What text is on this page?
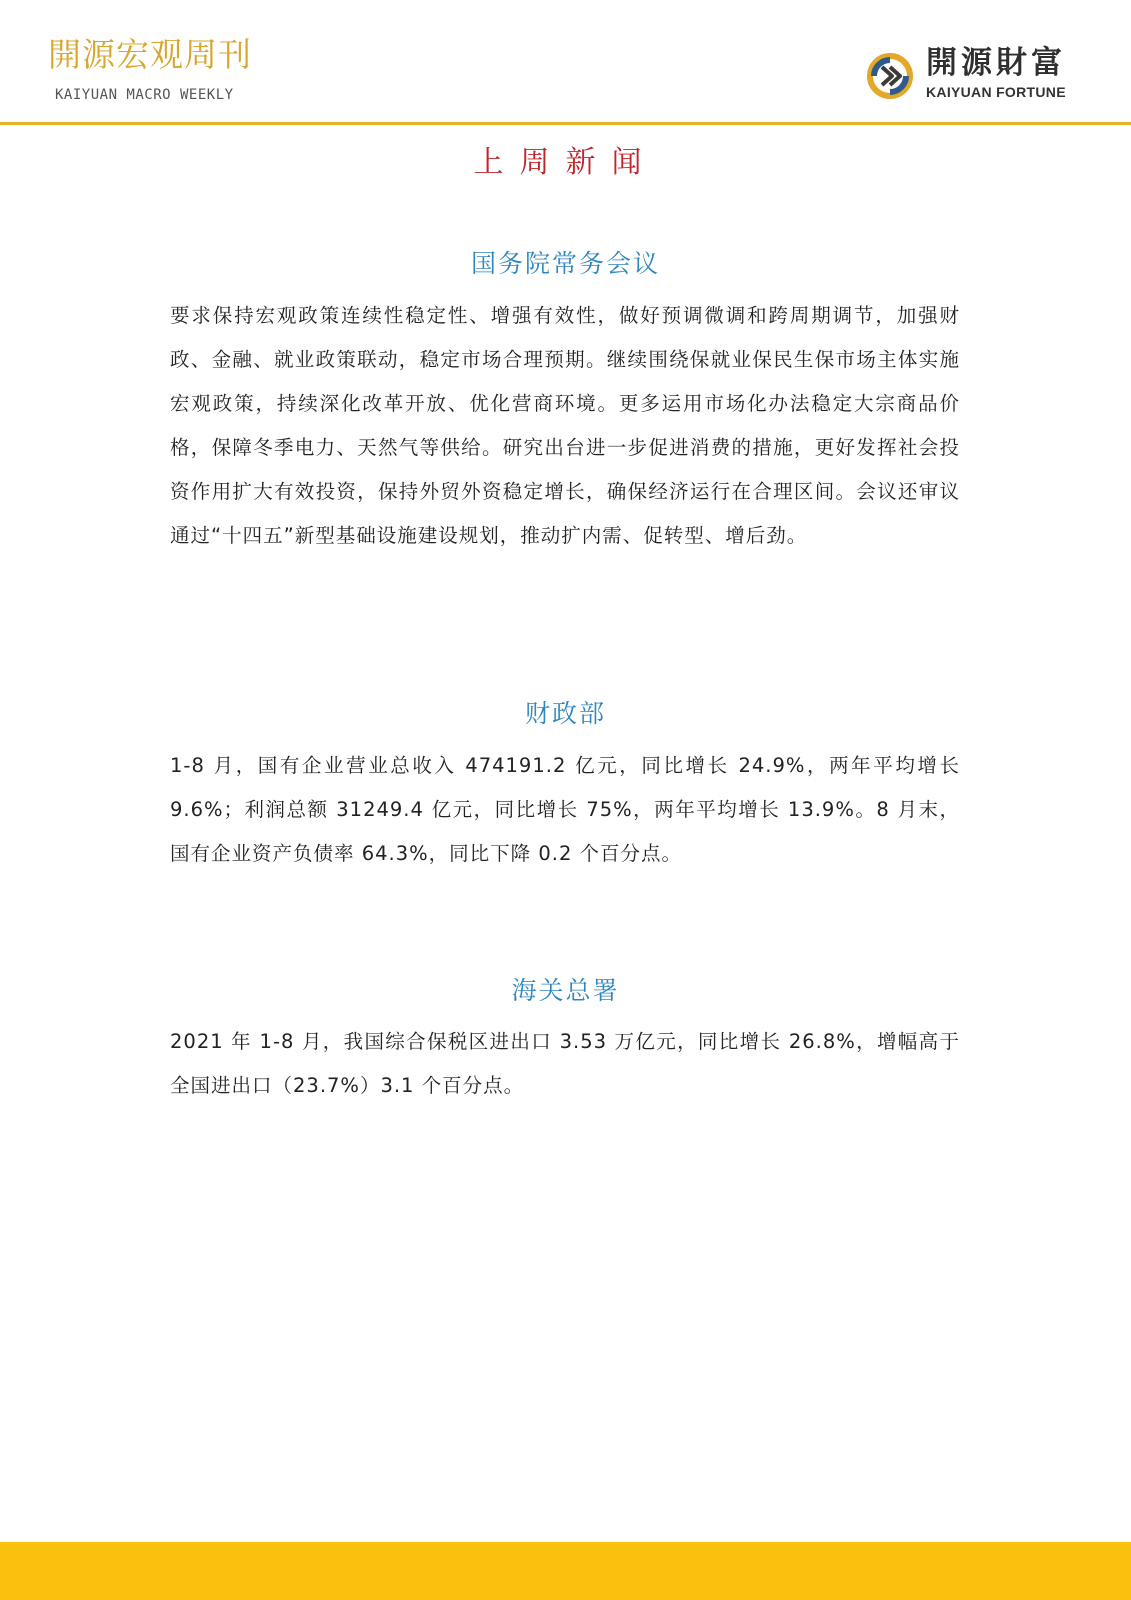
開源宏观周刊
KAIYUAN MACRO WEEKLY
開源財富
KAIYUAN FORTUNE
上周新闻
国务院常务会议

要求保持宏观政策连续性稳定性、增强有效性，做好预调微调和跨周期调节，加强财政、金融、就业政策联动，稳定市场合理预期。继续围绕保就业保民生保市场主体实施宏观政策，持续深化改革开放、优化营商环境。更多运用市场化办法稳定大宗商品价格，保障冬季电力、天然气等供给。研究出台进一步促进消费的措施，更好发挥社会投资作用扩大有效投资，保持外贸外资稳定增长，确保经济运行在合理区间。会议还审议通过“十四五”新型基础设施建设规划，推动扩内需、促转型、增后劲。

财政部

1-8 月，国有企业营业总收入 474191.2 亿元，同比增长 24.9%，两年平均增长 9.6%；利润总额 31249.4 亿元，同比增长 75%，两年平均增长 13.9%。8 月末，国有企业资产负债率 64.3%，同比下降 0.2 个百分点。

海关总署

2021 年 1-8 月，我国综合保税区进出口 3.53 万亿元，同比增长 26.8%，增幅高于全国进出口（23.7%）3.1 个百分点。
